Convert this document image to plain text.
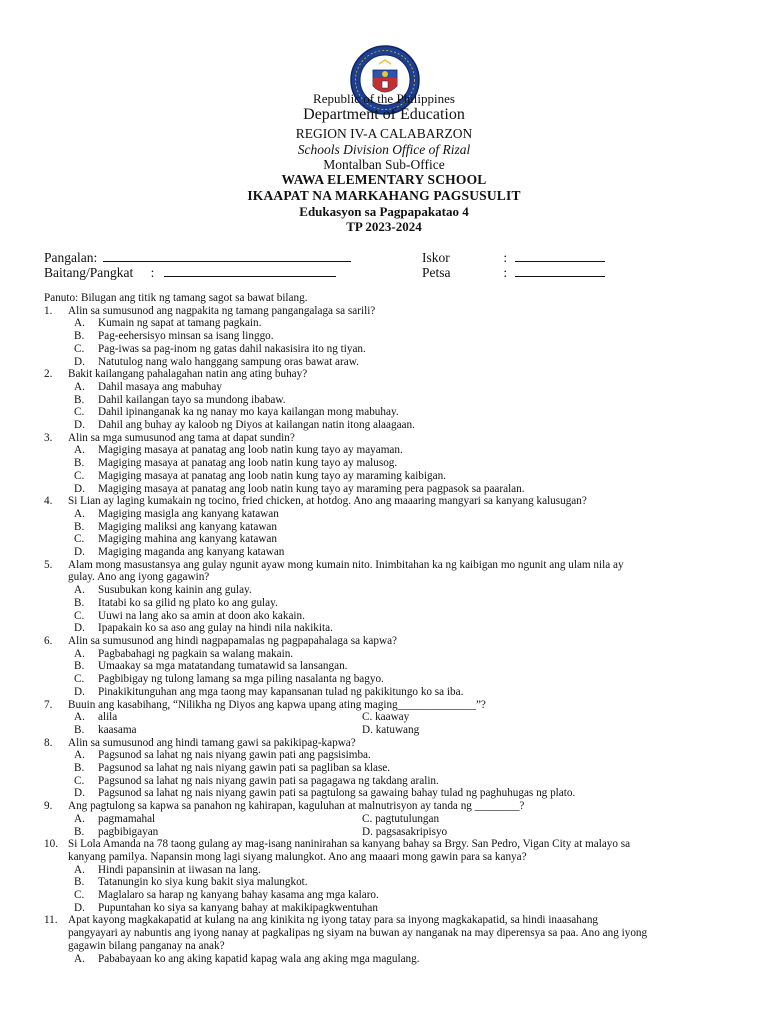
Republic of the Philippines
Department of Education
REGION IV-A CALABARZON
Schools Division Office of Rizal
Montalban Sub-Office
WAWA ELEMENTARY SCHOOL
IKAAPAT NA MARKAHANG PAGSUSULIT
Edukasyon sa Pagpapakatao 4
TP 2023-2024
Pangalan:
Baitang/Pangkat :
Iskor	:
Petsa	:

Panuto: Bilugan ang titik ng tamang sagot sa bawat bilang.

1. Alin sa sumusunod ang nagpakita ng tamang pangangalaga sa sarili?
A. Kumain ng sapat at tamang pagkain.
B. Pag-eehersisyo minsan sa isang linggo.
C. Pag-iwas sa pag-inom ng gatas dahil nakasisira ito ng tiyan.
D. Natutulog nang walo hanggang sampung oras bawat araw.
2. Bakit kailangang pahalagahan natin ang ating buhay?
A. Dahil masaya ang mabuhay
B. Dahil kailangan tayo sa mundong ibabaw.
C. Dahil ipinanganak ka ng nanay mo kaya kailangan mong mabuhay.
D. Dahil ang buhay ay kaloob ng Diyos at kailangan natin itong alaagaan.
3. Alin sa mga sumusunod ang tama at dapat sundin?
A. Magiging masaya at panatag ang loob natin kung tayo ay mayaman.
B. Magiging masaya at panatag ang loob natin kung tayo ay malusog.
C. Magiging masaya at panatag ang loob natin kung tayo ay maraming kaibigan.
D. Magiging masaya at panatag ang loob natin kung tayo ay maraming pera pagpasok sa paaralan.
4. Si Lian ay laging kumakain ng tocino, fried chicken, at hotdog. Ano ang maaaring mangyari sa kanyang kalusugan?
A. Magiging masigla ang kanyang katawan
B. Magiging maliksi ang kanyang katawan
C. Magiging mahina ang kanyang katawan
D. Magiging maganda ang kanyang katawan
5. Alam mong masustansya ang gulay ngunit ayaw mong kumain nito. Inimbitahan ka ng kaibigan mo ngunit ang ulam nila ay
gulay. Ano ang iyong gagawin?
A. Susubukan kong kainin ang gulay.
B. Itatabi ko sa gilid ng plato ko ang gulay.
C. Uuwi na lang ako sa amin at doon ako kakain.
D. Ipapakain ko sa aso ang gulay na hindi nila nakikita.
6. Alin sa sumusunod ang hindi nagpapamalas ng pagpapahalaga sa kapwa?
A. Pagbabahagi ng pagkain sa walang makain.
B. Umaakay sa mga matatandang tumatawid sa lansangan.
C. Pagbibigay ng tulong lamang sa mga piling nasalanta ng bagyo.
D. Pinakikitunguhan ang mga taong may kapansanan tulad ng pakikitungo ko sa iba.
7. Buuin ang kasabihang, “Nilikha ng Diyos ang kapwa upang ating maging______________”?
A. alila	C. kaaway
B. kaasama	D. katuwang
8. Alin sa sumusunod ang hindi tamang gawi sa pakikipag-kapwa?
A. Pagsunod sa lahat ng nais niyang gawin pati ang pagsisimba.
B. Pagsunod sa lahat ng nais niyang gawin pati sa pagliban sa klase.
C. Pagsunod sa lahat ng nais niyang gawin pati sa pagagawa ng takdang aralin.
D. Pagsunod sa lahat ng nais niyang gawin pati sa pagtulong sa gawaing bahay tulad ng paghuhugas ng plato.
9. Ang pagtulong sa kapwa sa panahon ng kahirapan, kaguluhan at malnutrisyon ay tanda ng ________?
A. pagmamahal	C. pagtutulungan
B. pagbibigayan	D. pagsasakripisyo
10. Si Lola Amanda na 78 taong gulang ay mag-isang naninirahan sa kanyang bahay sa Brgy. San Pedro, Vigan City at malayo sa
kanyang pamilya. Napansin mong lagi siyang malungkot. Ano ang maaari mong gawin para sa kanya?
A. Hindi papansinin at iiwasan na lang.
B. Tatanungin ko siya kung bakit siya malungkot.
C. Maglalaro sa harap ng kanyang bahay kasama ang mga kalaro.
D. Pupuntahan ko siya sa kanyang bahay at makikipagkwentuhan
11. Apat kayong magkakapatid at kulang na ang kinikita ng iyong tatay para sa inyong magkakapatid, sa hindi inaasahang
pangyayari ay nabuntis ang iyong nanay at pagkalipas ng siyam na buwan ay nanganak na may diperensya sa paa. Ano ang iyong
gagawin bilang panganay na anak?
A. Pababayaan ko ang aking kapatid kapag wala ang aking mga magulang.
